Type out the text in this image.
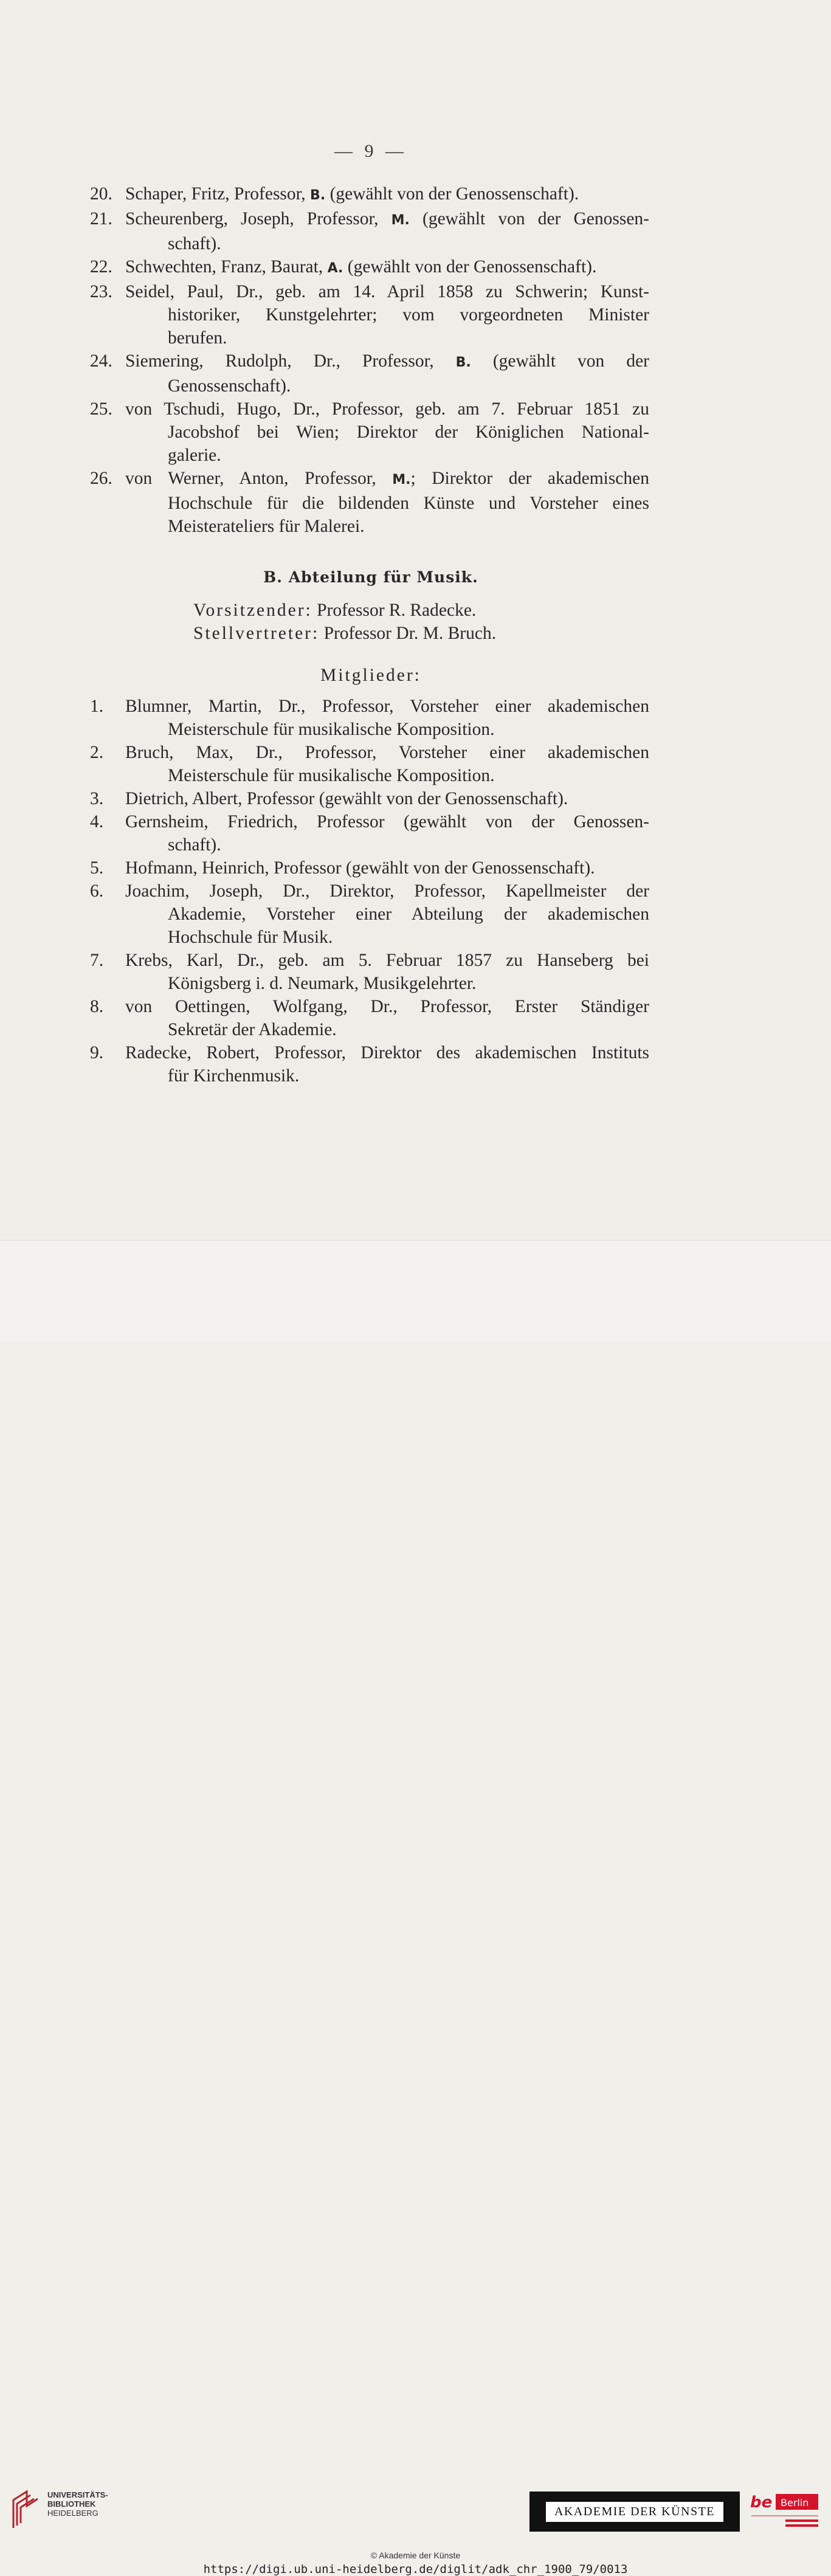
— 9 —
20. Schaper, Fritz, Professor, B. (gewählt von der Genossenschaft).
21. Scheurenberg, Joseph, Professor, M. (gewählt von der Genossen-
schaft).
22. Schwechten, Franz, Baurat, A. (gewählt von der Genossenschaft).
23. Seidel, Paul, Dr., geb. am 14. April 1858 zu Schwerin; Kunst-
historiker, Kunstgelehrter; vom vorgeordneten Minister
berufen.
24. Siemering, Rudolph, Dr., Professor, B. (gewählt von der
Genossenschaft).
25. von Tschudi, Hugo, Dr., Professor, geb. am 7. Februar 1851 zu
Jacobshof bei Wien; Direktor der Königlichen National-
galerie.
26. von Werner, Anton, Professor, M.; Direktor der akademischen
Hochschule für die bildenden Künste und Vorsteher eines
Meisterateliers für Malerei.
B. Abteilung für Musik.
Vorsitzender: Professor R. Radecke.
Stellvertreter: Professor Dr. M. Bruch.
Mitglieder:
1.	Blumner, Martin, Dr., Professor, Vorsteher einer akademischen
Meisterschule für musikalische Komposition.
2.	Bruch, Max, Dr., Professor, Vorsteher einer akademischen
Meisterschule für musikalische Komposition.
3.	Dietrich, Albert, Professor (gewählt von der Genossenschaft).
4.	Gernsheim, Friedrich, Professor (gewählt von der Genossen-
schaft).
5.	Hofmann, Heinrich, Professor (gewählt von der Genossenschaft).
6.	Joachim, Joseph, Dr., Direktor, Professor, Kapellmeister der
Akademie, Vorsteher einer Abteilung der akademischen
Hochschule für Musik.
7.	Krebs, Karl, Dr., geb. am 5. Februar 1857 zu Hanseberg bei
Königsberg i. d. Neumark, Musikgelehrter.
8.	von Oettingen, Wolfgang, Dr., Professor, Erster Ständiger
Sekretär der Akademie.
9.	Radecke, Robert, Professor, Direktor des akademischen Instituts
für Kirchenmusik.
UNIVERSITÄTS-
BIBLIOTHEK
HEIDELBERG	AKADEMIE DER KÜNSTE	be Berlin
© Akademie der Künste
https://digi.ub.uni-heidelberg.de/diglit/adk_chr_1900_79/0013
